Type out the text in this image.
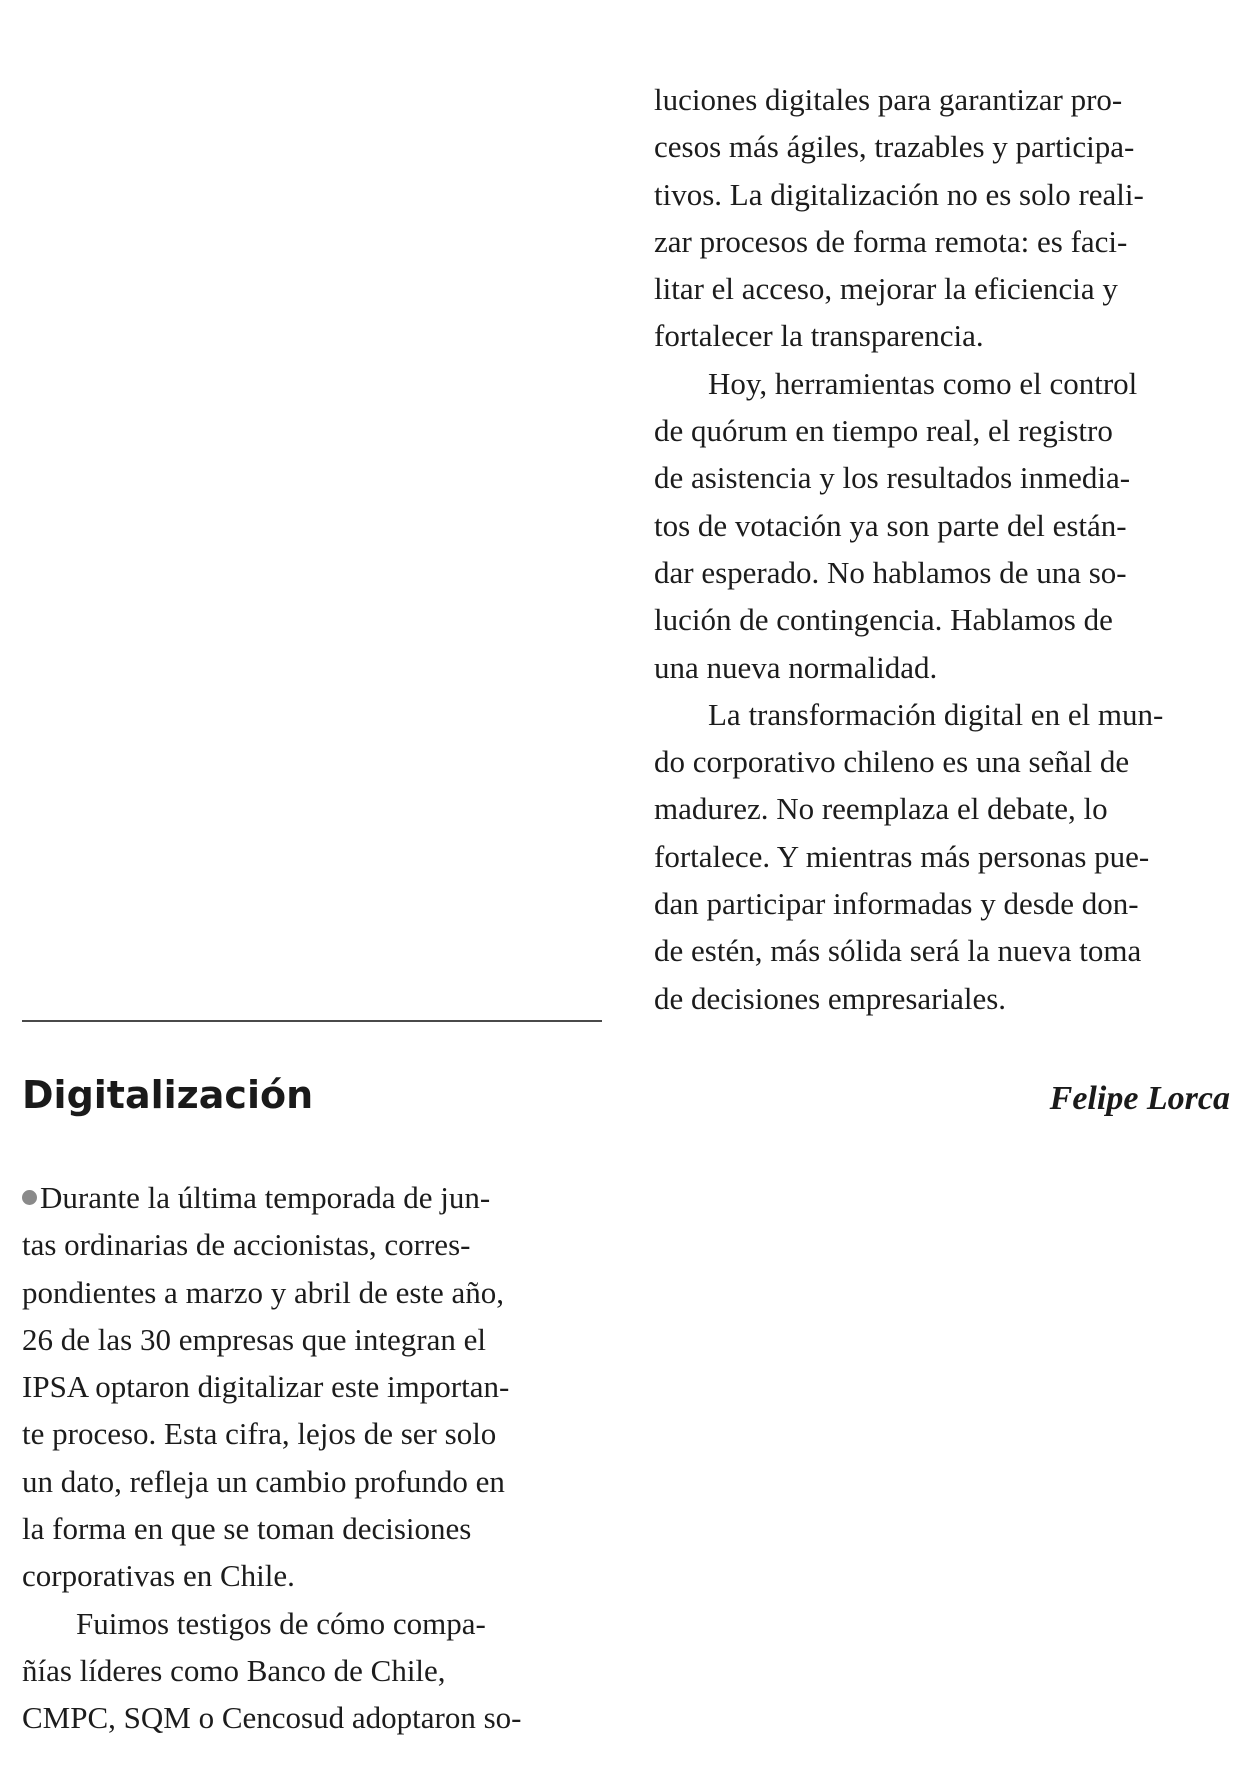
luciones digitales para garantizar pro-
cesos más ágiles, trazables y participa-
tivos. La digitalización no es solo reali-
zar procesos de forma remota: es faci-
litar el acceso, mejorar la eficiencia y
fortalecer la transparencia.

Hoy, herramientas como el control
de quórum en tiempo real, el registro
de asistencia y los resultados inmedia-
tos de votación ya son parte del están-
dar esperado. No hablamos de una so-
lución de contingencia. Hablamos de
una nueva normalidad.

La transformación digital en el mun-
do corporativo chileno es una señal de
madurez. No reemplaza el debate, lo
fortalece. Y mientras más personas pue-
dan participar informadas y desde don-
de estén, más sólida será la nueva toma
de decisiones empresariales.

Digitalización	Felipe Lorca

Durante la última temporada de jun-
tas ordinarias de accionistas, corres-
pondientes a marzo y abril de este año,
26 de las 30 empresas que integran el
IPSA optaron digitalizar este importan-
te proceso. Esta cifra, lejos de ser solo
un dato, refleja un cambio profundo en
la forma en que se toman decisiones
corporativas en Chile.

Fuimos testigos de cómo compa-
ñías líderes como Banco de Chile,
CMPC, SQM o Cencosud adoptaron so-
